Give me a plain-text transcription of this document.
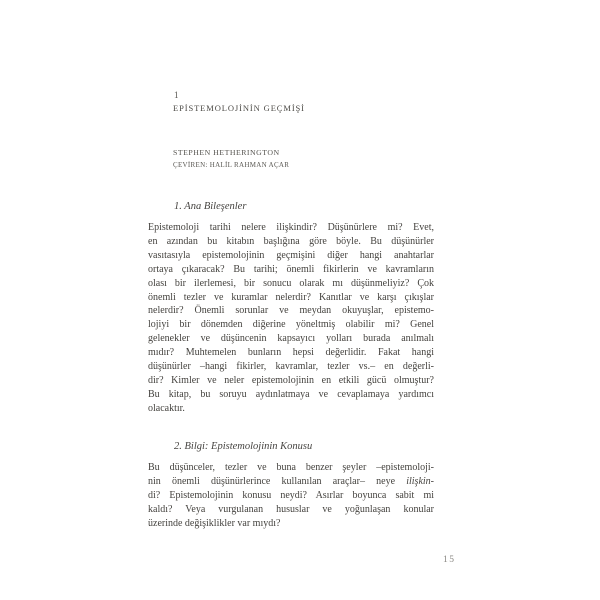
1
EPİSTEMOLOJİNİN GEÇMİŞİ
STEPHEN HETHERINGTON
ÇEVİREN: HALİL RAHMAN AÇAR
1. Ana Bileşenler
Epistemoloji tarihi nelere ilişkindir? Düşünürlere mi? Evet,
en azından bu kitabın başlığına göre böyle. Bu düşünürler
vasıtasıyla epistemolojinin geçmişini diğer hangi anahtarlar
ortaya çıkaracak? Bu tarihi; önemli fikirlerin ve kavramların
olası bir ilerlemesi, bir sonucu olarak mı düşünmeliyiz? Çok
önemli tezler ve kuramlar nelerdir? Kanıtlar ve karşı çıkışlar
nelerdir? Önemli sorunlar ve meydan okuyuşlar, epistemo-
lojiyi bir dönemden diğerine yöneltmiş olabilir mi? Genel
gelenekler ve düşüncenin kapsayıcı yolları burada anılmalı
mıdır? Muhtemelen bunların hepsi değerlidir. Fakat hangi
düşünürler –hangi fikirler, kavramlar, tezler vs.– en değerli-
dir? Kimler ve neler epistemolojinin en etkili gücü olmuştur?
Bu kitap, bu soruyu aydınlatmaya ve cevaplamaya yardımcı
olacaktır.
2. Bilgi: Epistemolojinin Konusu
Bu düşünceler, tezler ve buna benzer şeyler –epistemoloji-
nin önemli düşünürlerince kullanılan araçlar– neye ilişkin-
di? Epistemolojinin konusu neydi? Asırlar boyunca sabit mi
kaldı? Veya vurgulanan hususlar ve yoğunlaşan konular
üzerinde değişiklikler var mıydı?
15
